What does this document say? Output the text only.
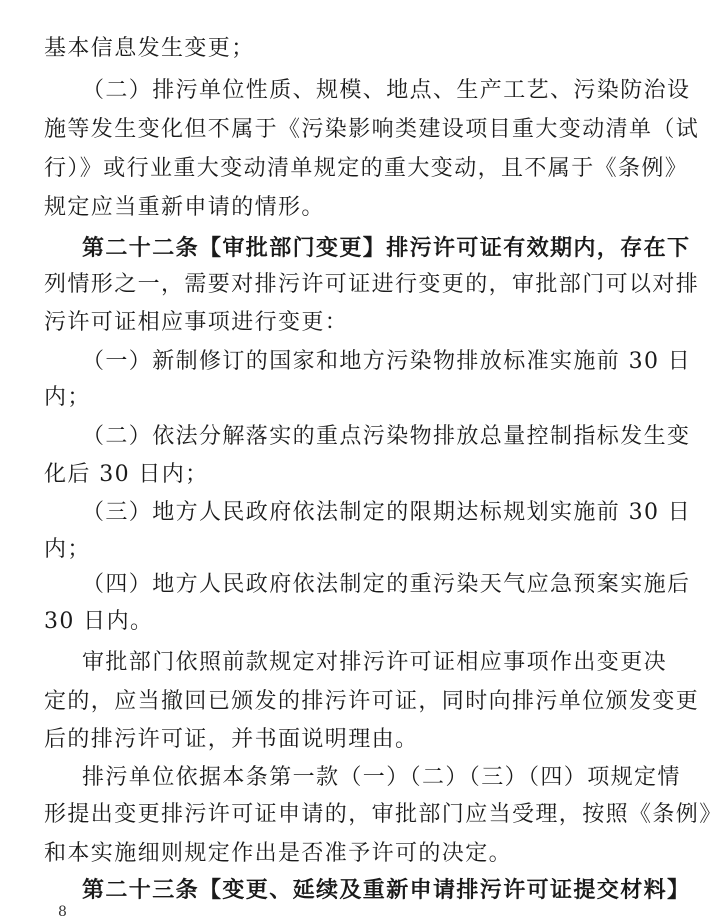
基本信息发生变更；
（二）排污单位性质、规模、地点、生产工艺、污染防治设
施等发生变化但不属于《污染影响类建设项目重大变动清单（试
行）》或行业重大变动清单规定的重大变动，且不属于《条例》
规定应当重新申请的情形。
第二十二条【审批部门变更】排污许可证有效期内，存在下
列情形之一，需要对排污许可证进行变更的，审批部门可以对排
污许可证相应事项进行变更：
（一）新制修订的国家和地方污染物排放标准实施前 30 日
内；
（二）依法分解落实的重点污染物排放总量控制指标发生变
化后 30 日内；
（三）地方人民政府依法制定的限期达标规划实施前 30 日
内；
（四）地方人民政府依法制定的重污染天气应急预案实施后
30 日内。
审批部门依照前款规定对排污许可证相应事项作出变更决
定的，应当撤回已颁发的排污许可证，同时向排污单位颁发变更
后的排污许可证，并书面说明理由。
排污单位依据本条第一款（一）（二）（三）（四）项规定情
形提出变更排污许可证申请的，审批部门应当受理，按照《条例》
和本实施细则规定作出是否准予许可的决定。
第二十三条【变更、延续及重新申请排污许可证提交材料】
8
